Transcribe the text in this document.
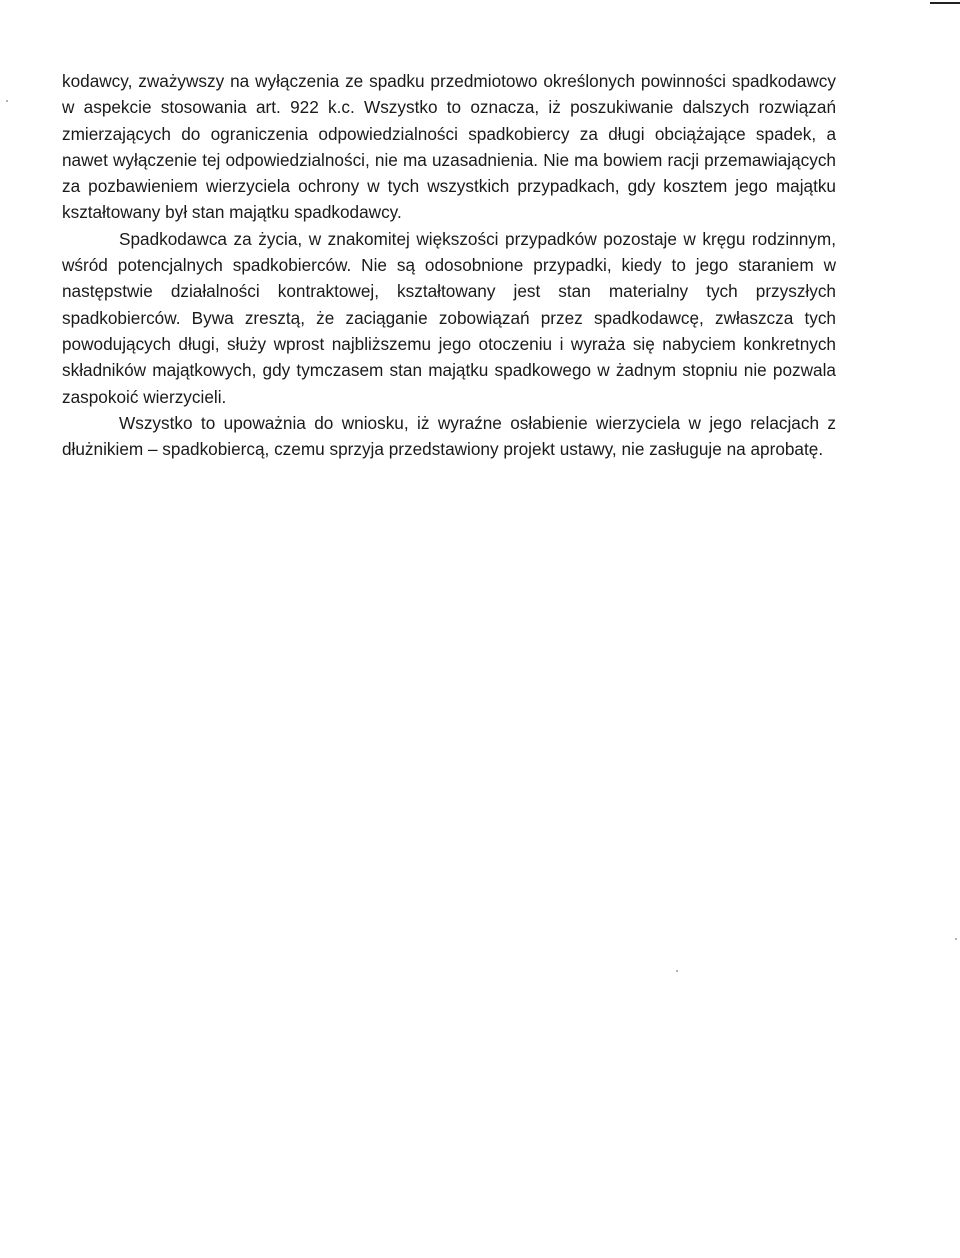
kodawcy, zważywszy na wyłączenia ze spadku przedmiotowo określonych powinności spadkodawcy w aspekcie stosowania art. 922 k.c. Wszystko to oznacza, iż poszukiwanie dalszych rozwiązań zmierzających do ograniczenia odpowiedzialności spadkobiercy za długi obciążające spadek, a nawet wyłączenie tej odpowiedzialności, nie ma uzasadnienia. Nie ma bowiem racji przemawiających za pozbawieniem wierzyciela ochrony w tych wszystkich przypadkach, gdy kosztem jego majątku kształtowany był stan majątku spadkodawcy.

Spadkodawca za życia, w znakomitej większości przypadków pozostaje w kręgu rodzinnym, wśród potencjalnych spadkobierców. Nie są odosobnione przypadki, kiedy to jego staraniem w następstwie działalności kontraktowej, kształtowany jest stan materialny tych przyszłych spadkobierców. Bywa zresztą, że zaciąganie zobowiązań przez spadkodawcę, zwłaszcza tych powodujących długi, służy wprost najbliższemu jego otoczeniu i wyraża się nabyciem konkretnych składników majątkowych, gdy tymczasem stan majątku spadkowego w żadnym stopniu nie pozwala zaspokoić wierzycieli.

Wszystko to upoważnia do wniosku, iż wyraźne osłabienie wierzyciela w jego relacjach z dłużnikiem – spadkobiercą, czemu sprzyja przedstawiony projekt ustawy, nie zasługuje na aprobatę.
